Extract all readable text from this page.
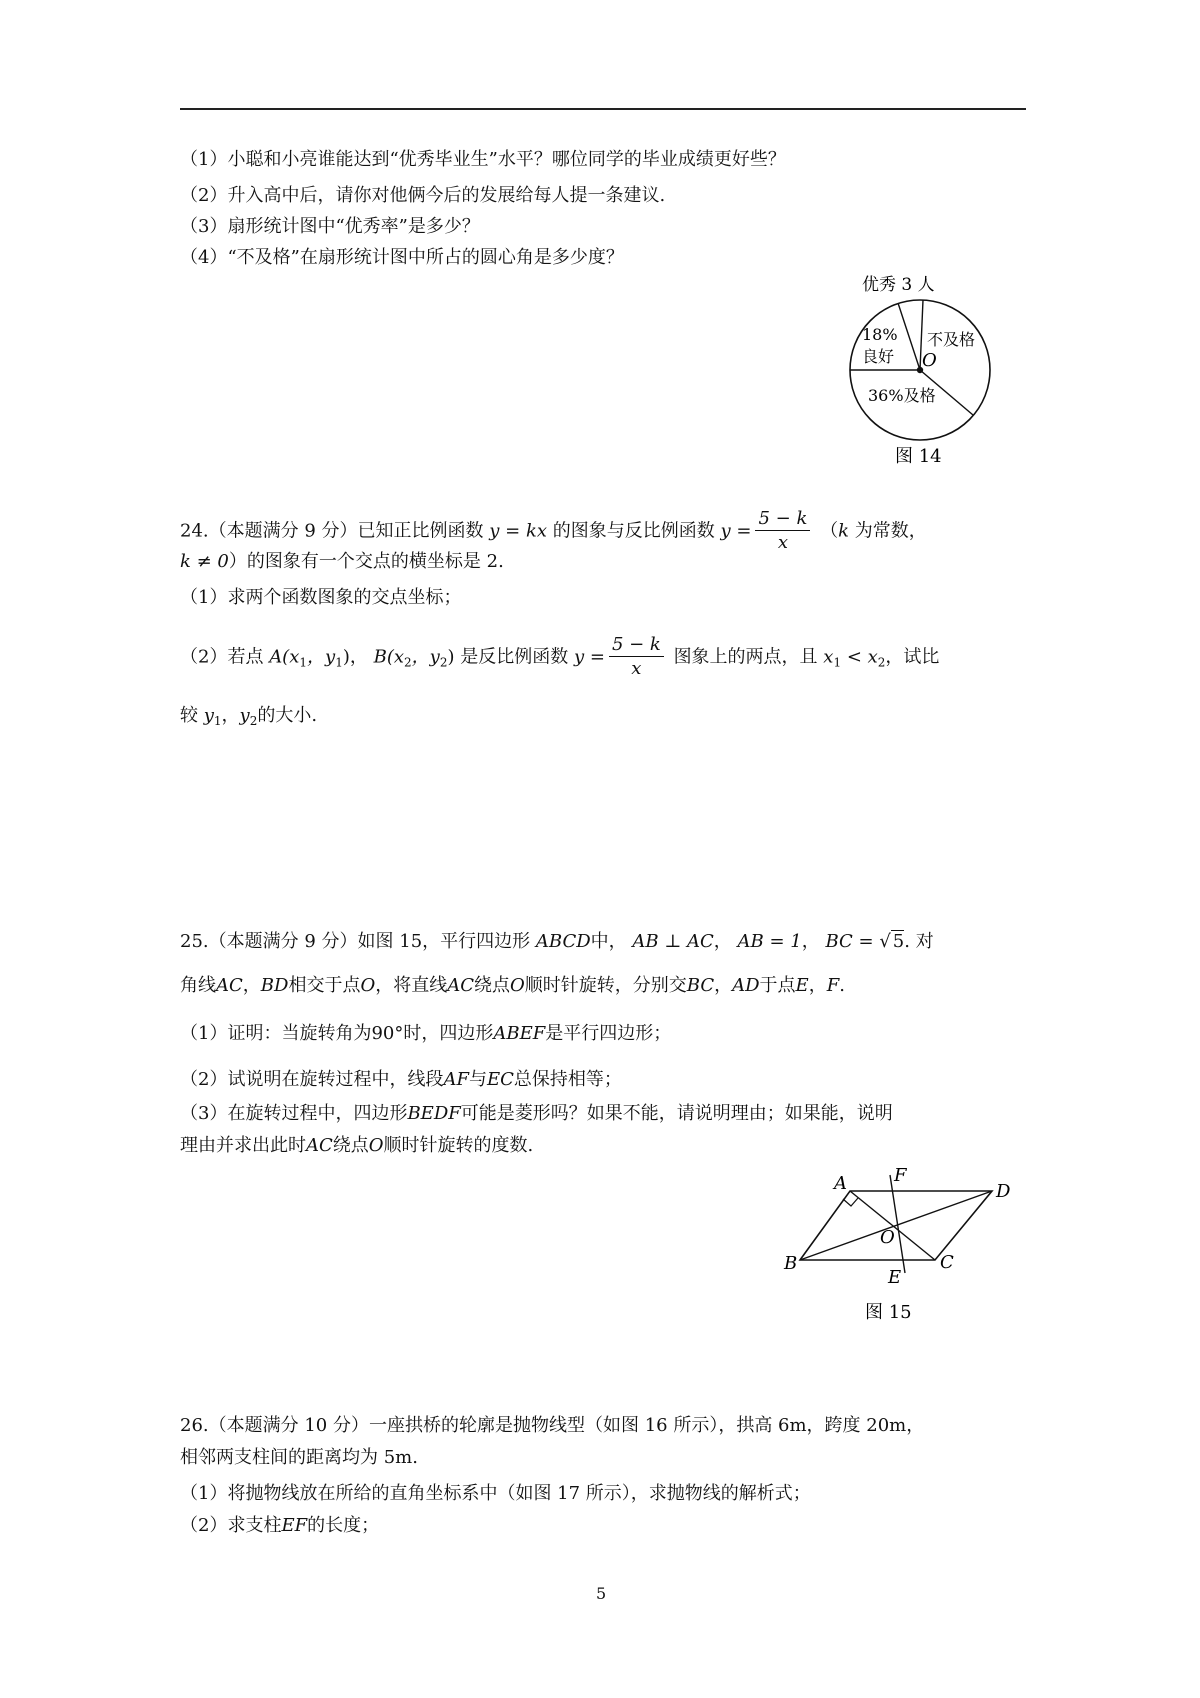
（1）小聪和小亮谁能达到“优秀毕业生”水平？哪位同学的毕业成绩更好些？
（2）升入高中后，请你对他俩今后的发展给每人提一条建议.
（3）扇形统计图中“优秀率”是多少？
（4）“不及格”在扇形统计图中所占的圆心角是多少度？
优秀 3 人
18%
良好
不及格
O
36%及格
图 14
24.（本题满分 9 分）已知正比例函数 y = kx 的图象与反比例函数 $y = \frac{5 - k}{x} (k$ 为常数，
k ≠ 0）的图象有一个交点的横坐标是 2.
（1）求两个函数图象的交点坐标；
（2）若点 $A(x_1$，$y_1$)， $B(x_2$，$y_2$) 是反比例函数 $y = \frac{5 - k}{x}$ 图象上的两点，且 $x_1 < x_2$，试比
较 $y_1$，$y_2$的大小.
25.（本题满分 9 分）如图 15，平行四边形 ABCD中， AB ⊥ AC， AB = 1， BC = √ 5. 对
角线AC，BD相交于点O，将直线AC绕点O顺时针旋转，分别交BC，AD于点E，F.
（1）证明：当旋转角为90°时，四边形ABEF是平行四边形；
（2）试说明在旋转过程中，线段AF与EC总保持相等；
（3）在旋转过程中，四边形BEDF可能是菱形吗？如果不能，请说明理由；如果能，说明
理由并求出此时AC绕点O顺时针旋转的度数.
A	F
D
O
B
E
C
图 15
26.（本题满分 10 分）一座拱桥的轮廓是抛物线型（如图 16 所示），拱高 6m，跨度 20m，
相邻两支柱间的距离均为 5m.
（1）将抛物线放在所给的直角坐标系中（如图 17 所示），求抛物线的解析式；
（2）求支柱EF的长度；
5
